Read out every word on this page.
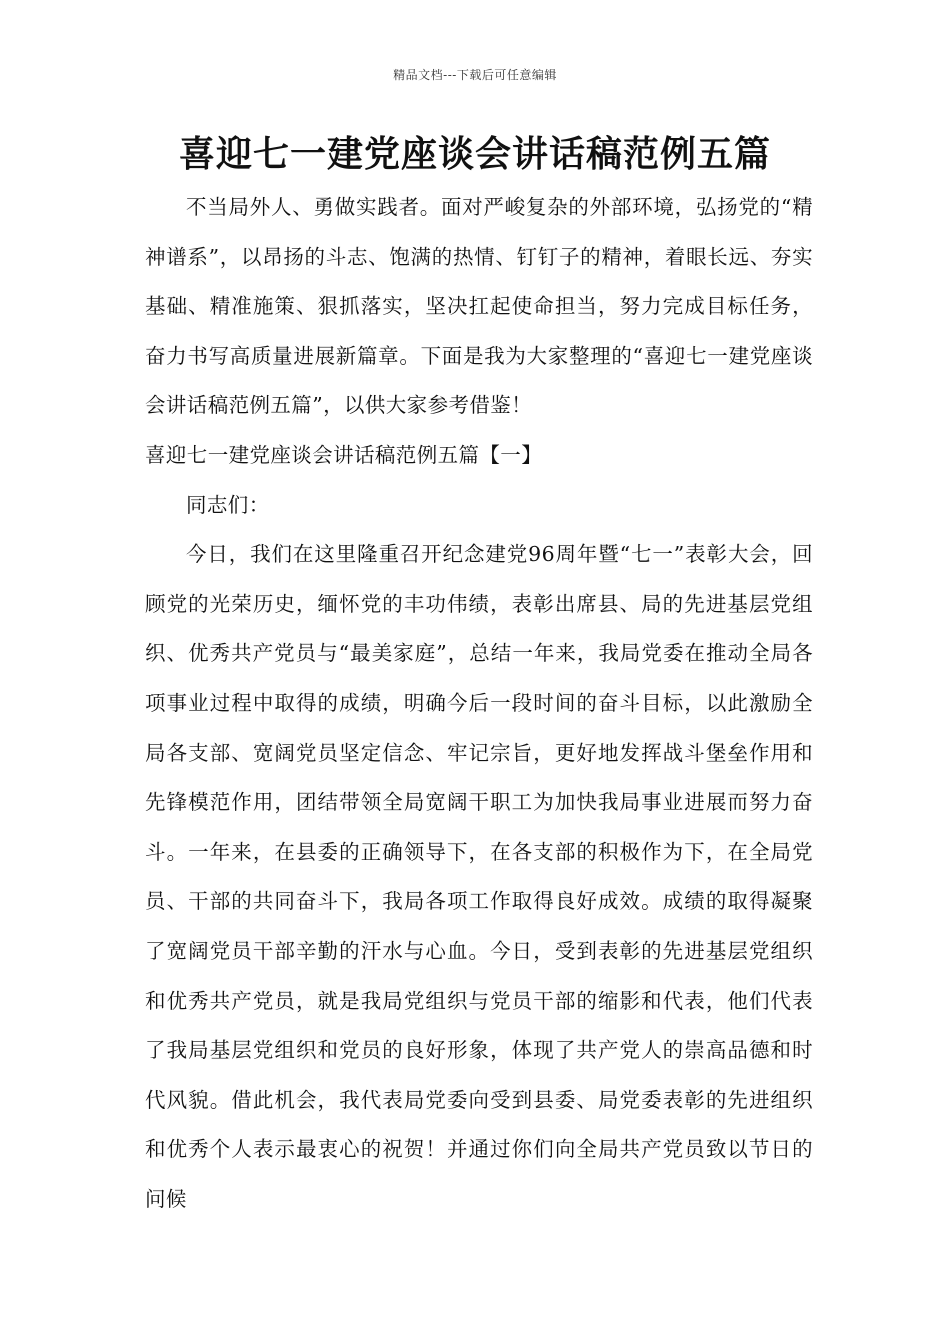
精品文档---下载后可任意编辑
喜迎七一建党座谈会讲话稿范例五篇

不当局外人、勇做实践者。面对严峻复杂的外部环境，弘扬党的“精神谱系”，以昂扬的斗志、饱满的热情、钉钉子的精神，着眼长远、夯实基础、精准施策、狠抓落实，坚决扛起使命担当，努力完成目标任务，奋力书写高质量进展新篇章。下面是我为大家整理的“喜迎七一建党座谈会讲话稿范例五篇”，以供大家参考借鉴！

喜迎七一建党座谈会讲话稿范例五篇【一】

同志们：

今日，我们在这里隆重召开纪念建党96周年暨“七一”表彰大会，回顾党的光荣历史，缅怀党的丰功伟绩，表彰出席县、局的先进基层党组织、优秀共产党员与“最美家庭”，总结一年来，我局党委在推动全局各项事业过程中取得的成绩，明确今后一段时间的奋斗目标，以此激励全局各支部、宽阔党员坚定信念、牢记宗旨，更好地发挥战斗堡垒作用和先锋模范作用，团结带领全局宽阔干职工为加快我局事业进展而努力奋斗。一年来，在县委的正确领导下，在各支部的积极作为下，在全局党员、干部的共同奋斗下，我局各项工作取得良好成效。成绩的取得凝聚了宽阔党员干部辛勤的汗水与心血。今日，受到表彰的先进基层党组织和优秀共产党员，就是我局党组织与党员干部的缩影和代表，他们代表了我局基层党组织和党员的良好形象，体现了共产党人的崇高品德和时代风貌。借此机会，我代表局党委向受到县委、局党委表彰的先进组织和优秀个人表示最衷心的祝贺！并通过你们向全局共产党员致以节日的问候
